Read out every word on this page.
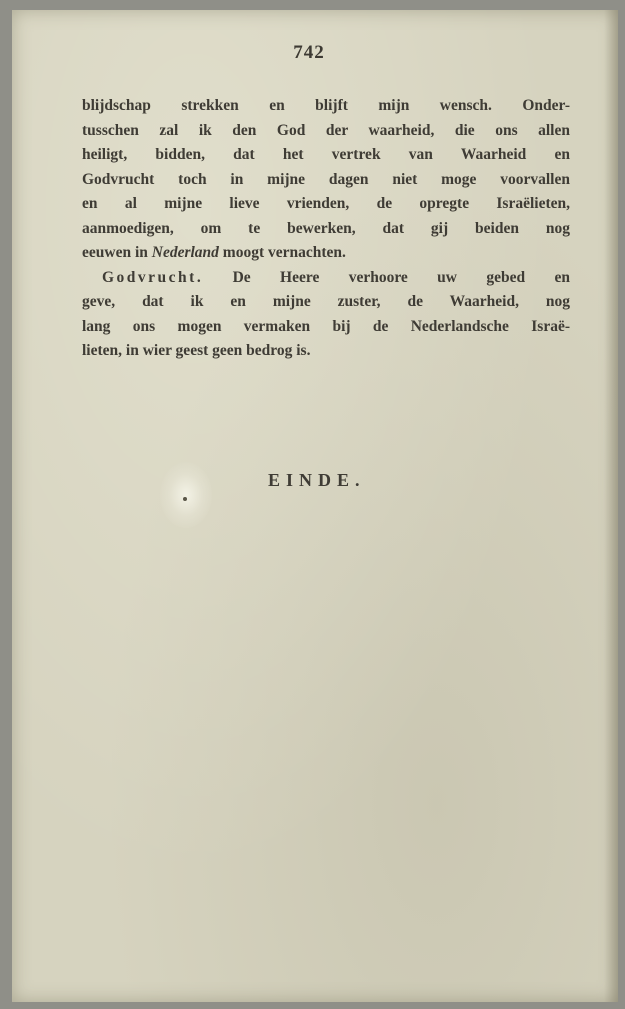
742

blijdschap strekken en blijft mijn wensch. Onder-

tusschen zal ik den God der waarheid, die ons allen

heiligt, bidden, dat het vertrek van Waarheid en

Godvrucht toch in mijne dagen niet moge voorvallen

en al mijne lieve vrienden, de opregte Israëlieten,

aanmoedigen, om te bewerken, dat gij beiden nog

eeuwen in Nederland moogt vernachten.

Godvrucht. De Heere verhoore uw gebed en

geve, dat ik en mijne zuster, de Waarheid, nog

lang ons mogen vermaken bij de Nederlandsche Israë-

lieten, in wier geest geen bedrog is.

EINDE.
